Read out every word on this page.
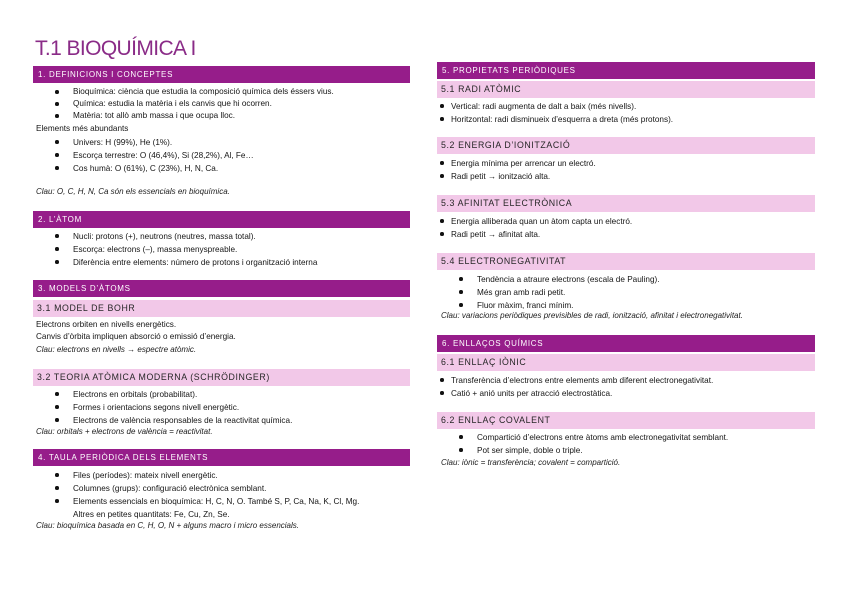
T.1 BIOQUÍMICA I
1. DEFINICIONS I CONCEPTES
Bioquímica: ciència que estudia la composició química dels éssers vius.
Química: estudia la matèria i els canvis que hi ocorren.
Matèria: tot allò amb massa i que ocupa lloc.
Elements més abundants
Univers: H (99%), He (1%).
Escorça terrestre: O (46,4%), Si (28,2%), Al, Fe…
Cos humà: O (61%), C (23%), H, N, Ca.
Clau: O, C, H, N, Ca són els essencials en bioquímica.
2. L’ÀTOM
Nucli: protons (+), neutrons (neutres, massa total).
Escorça: electrons (–), massa menyspreable.
Diferència entre elements: número de protons i organització interna
3. MODELS D’ÀTOMS
3.1 MODEL DE BOHR
Electrons orbiten en nivells energètics.
Canvis d’òrbita impliquen absorció o emissió d’energia.
Clau: electrons en nivells → espectre atòmic.
3.2 TEORIA ATÒMICA MODERNA (SCHRÖDINGER)
Electrons en orbitals (probabilitat).
Formes i orientacions segons nivell energètic.
Electrons de valència responsables de la reactivitat química.
Clau: orbitals + electrons de valència = reactivitat.
4. TAULA PERIÒDICA DELS ELEMENTS
Files (períodes): mateix nivell energètic.
Columnes (grups): configuració electrònica semblant.
Elements essencials en bioquímica: H, C, N, O. També S, P, Ca, Na, K, Cl, Mg.
Altres en petites quantitats: Fe, Cu, Zn, Se.
Clau: bioquímica basada en C, H, O, N + alguns macro i micro essencials.
5. PROPIETATS PERIÒDIQUES
5.1 RADI ATÒMIC
Vertical: radi augmenta de dalt a baix (més nivells).
Horitzontal: radi disminueix d’esquerra a dreta (més protons).
5.2 ENERGIA D’IONITZACIÓ
Energia mínima per arrencar un electró.
Radi petit → ionització alta.
5.3 AFINITAT ELECTRÒNICA
Energia alliberada quan un àtom capta un electró.
Radi petit → afinitat alta.
5.4 ELECTRONEGATIVITAT
Tendència a atraure electrons (escala de Pauling).
Més gran amb radi petit.
Fluor màxim, franci mínim.
Clau: variacions periòdiques previsibles de radi, ionització, afinitat i electronegativitat.
6. ENLLAÇOS QUÍMICS
6.1 ENLLAÇ IÒNIC
Transferència d’electrons entre elements amb diferent electronegativitat.
Catió + anió units per atracció electrostàtica.
6.2 ENLLAÇ COVALENT
Compartició d’electrons entre àtoms amb electronegativitat semblant.
Pot ser simple, doble o triple.
Clau: iònic = transferència; covalent = compartició.
